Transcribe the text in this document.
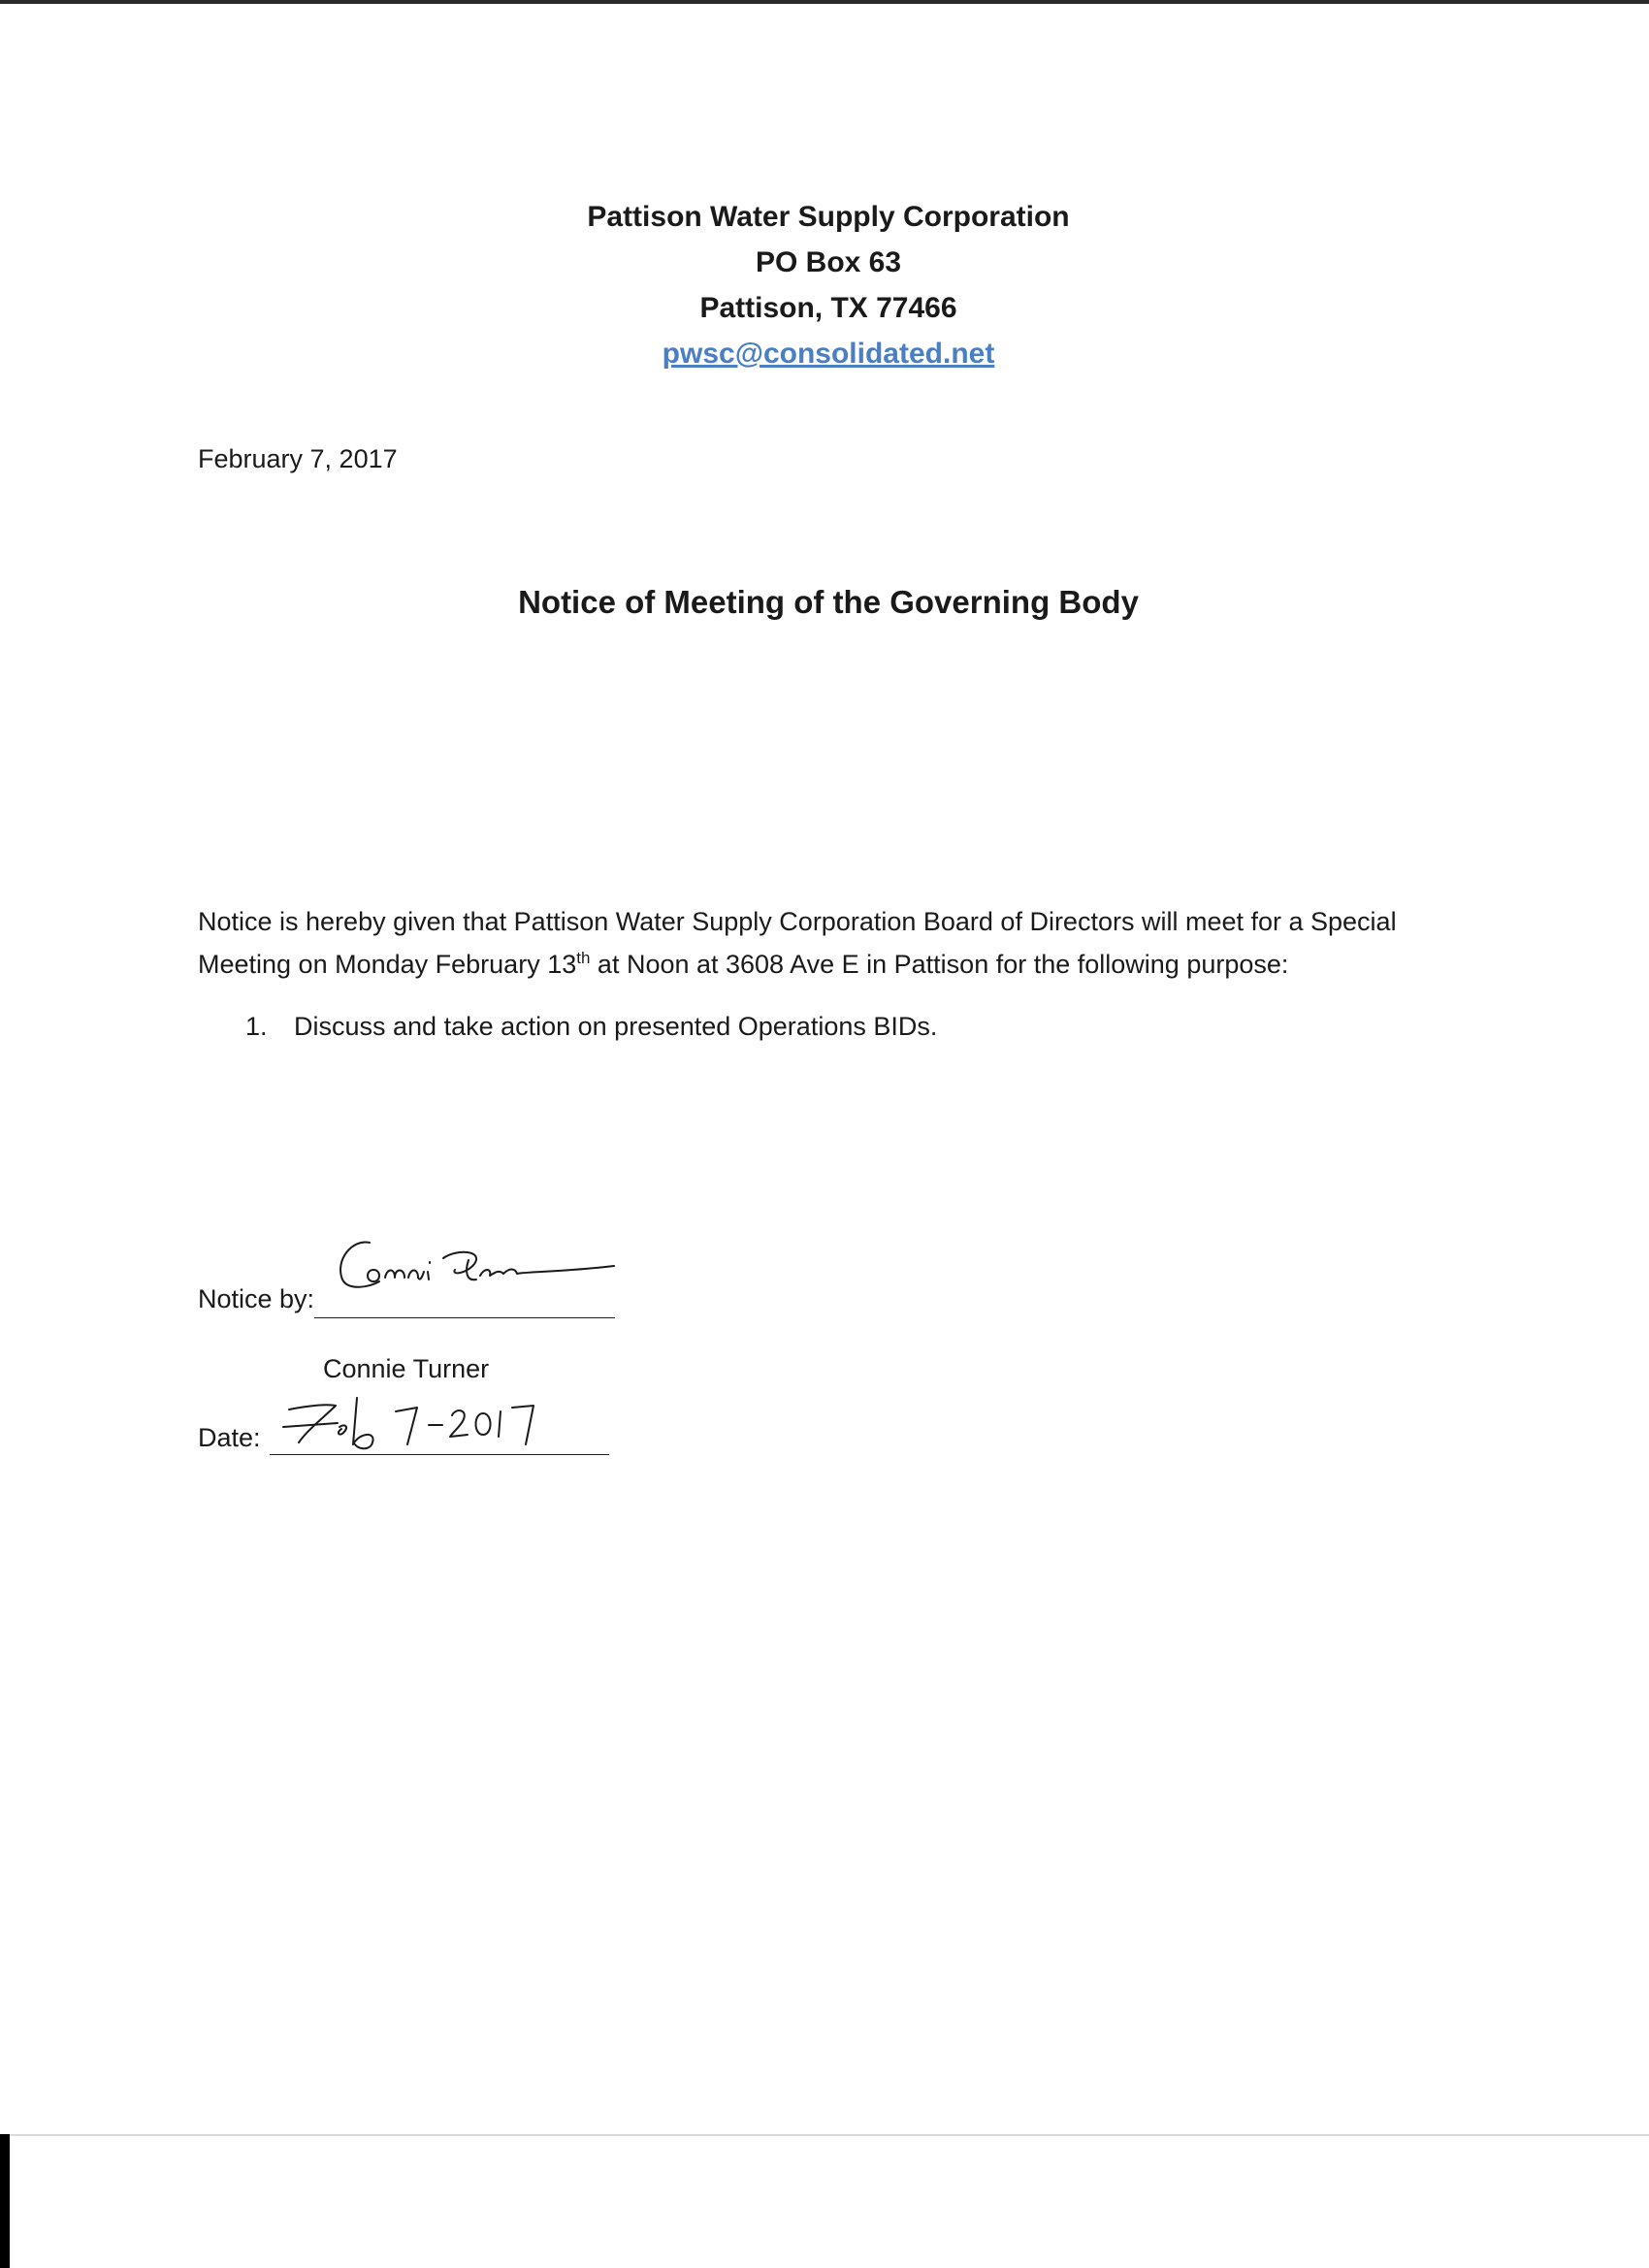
Pattison Water Supply Corporation
PO Box 63
Pattison, TX 77466
pwsc@consolidated.net
February 7, 2017
Notice of Meeting of the Governing Body
Notice is hereby given that Pattison Water Supply Corporation Board of Directors will meet for a Special Meeting on Monday February 13th at Noon at 3608 Ave E in Pattison for the following purpose:
1. Discuss and take action on presented Operations BIDs.
Notice by:
Connie Turner
Date:
